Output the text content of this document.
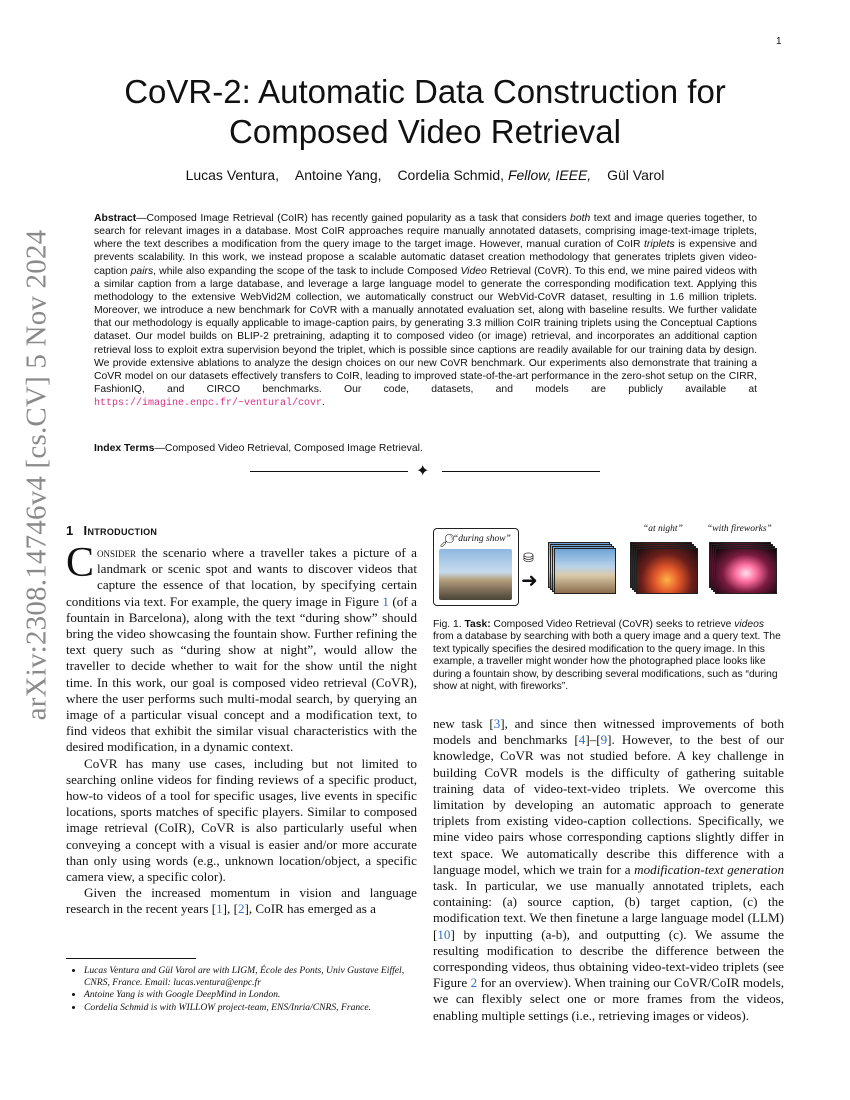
1
arXiv:2308.14746v4 [cs.CV] 5 Nov 2024
CoVR-2: Automatic Data Construction for Composed Video Retrieval
Lucas Ventura, Antoine Yang, Cordelia Schmid, Fellow, IEEE, Gül Varol
Abstract—Composed Image Retrieval (CoIR) has recently gained popularity as a task that considers both text and image queries together, to search for relevant images in a database. Most CoIR approaches require manually annotated datasets, comprising image-text-image triplets, where the text describes a modification from the query image to the target image. However, manual curation of CoIR triplets is expensive and prevents scalability. In this work, we instead propose a scalable automatic dataset creation methodology that generates triplets given video-caption pairs, while also expanding the scope of the task to include Composed Video Retrieval (CoVR). To this end, we mine paired videos with a similar caption from a large database, and leverage a large language model to generate the corresponding modification text. Applying this methodology to the extensive WebVid2M collection, we automatically construct our WebVid-CoVR dataset, resulting in 1.6 million triplets. Moreover, we introduce a new benchmark for CoVR with a manually annotated evaluation set, along with baseline results. We further validate that our methodology is equally applicable to image-caption pairs, by generating 3.3 million CoIR training triplets using the Conceptual Captions dataset. Our model builds on BLIP-2 pretraining, adapting it to composed video (or image) retrieval, and incorporates an additional caption retrieval loss to exploit extra supervision beyond the triplet, which is possible since captions are readily available for our training data by design. We provide extensive ablations to analyze the design choices on our new CoVR benchmark. Our experiments also demonstrate that training a CoVR model on our datasets effectively transfers to CoIR, leading to improved state-of-the-art performance in the zero-shot setup on the CIRR, FashionIQ, and CIRCO benchmarks. Our code, datasets, and models are publicly available at https://imagine.enpc.fr/~ventural/covr.
Index Terms—Composed Video Retrieval, Composed Image Retrieval.
✦
1 Introduction

Consider the scenario where a traveller takes a picture of a landmark or scenic spot and wants to discover videos that capture the essence of that location, by specifying certain conditions via text. For example, the query image in Figure 1 (of a fountain in Barcelona), along with the text “during show” should bring the video showcasing the fountain show. Further refining the text query such as “during show at night”, would allow the traveller to decide whether to wait for the show until the night time. In this work, our goal is composed video retrieval (CoVR), where the user performs such multi-modal search, by querying an image of a particular visual concept and a modification text, to find videos that exhibit the similar visual characteristics with the desired modification, in a dynamic context.

CoVR has many use cases, including but not limited to searching online videos for finding reviews of a specific product, how-to videos of a tool for specific usages, live events in specific locations, sports matches of specific players. Similar to composed image retrieval (CoIR), CoVR is also particularly useful when conveying a concept with a visual is easier and/or more accurate than only using words (e.g., unknown location/object, a specific camera view, a specific color).

Given the increased momentum in vision and language research in the recent years [1], [2], CoIR has emerged as a

• Lucas Ventura and Gül Varol are with LIGM, École des Ponts, Univ Gustave Eiffel, CNRS, France. Email: lucas.ventura@enpc.fr
• Antoine Yang is with Google DeepMind in London.
• Cordelia Schmid is with WILLOW project-team, ENS/Inria/CNRS, France.
🔎︎
“during show”
⛁
➜
“at night”	“with fireworks”
Fig. 1. Task: Composed Video Retrieval (CoVR) seeks to retrieve videos from a database by searching with both a query image and a query text. The text typically specifies the desired modification to the query image. In this example, a traveller might wonder how the photographed place looks like during a fountain show, by describing several modifications, such as “during show at night, with fireworks”.

new task [3], and since then witnessed improvements of both models and benchmarks [4]–[9]. However, to the best of our knowledge, CoVR was not studied before. A key challenge in building CoVR models is the difficulty of gathering suitable training data of video-text-video triplets. We overcome this limitation by developing an automatic approach to generate triplets from existing video-caption collections. Specifically, we mine video pairs whose corresponding captions slightly differ in text space. We automatically describe this difference with a language model, which we train for a modification-text generation task. In particular, we use manually annotated triplets, each containing: (a) source caption, (b) target caption, (c) the modification text. We then finetune a large language model (LLM) [10] by inputting (a-b), and outputting (c). We assume the resulting modification to describe the difference between the corresponding videos, thus obtaining video-text-video triplets (see Figure 2 for an overview). When training our CoVR/CoIR models, we can flexibly select one or more frames from the videos, enabling multiple settings (i.e., retrieving images or videos).
